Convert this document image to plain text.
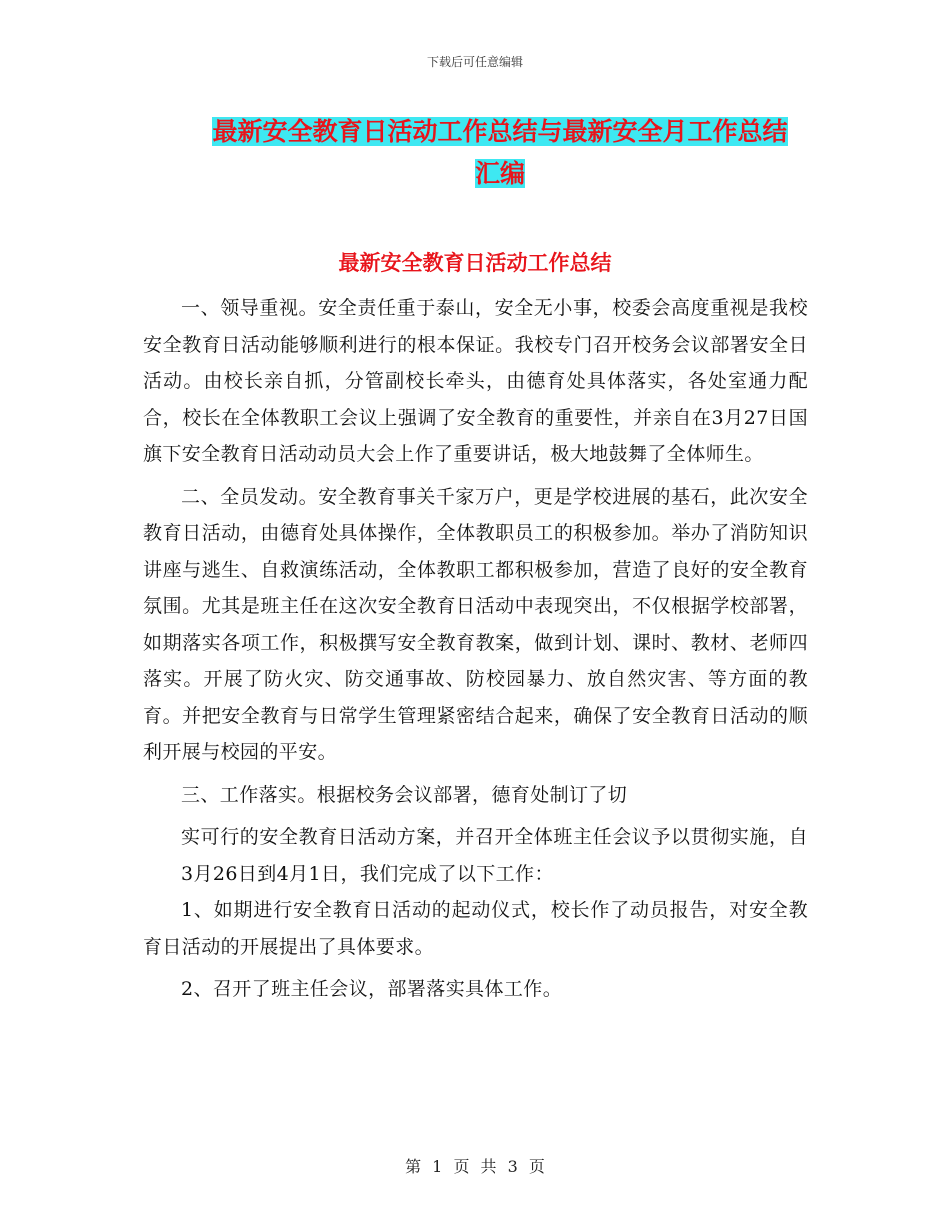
下载后可任意编辑
最新安全教育日活动工作总结与最新安全月工作总结
汇编
最新安全教育日活动工作总结

一、领导重视。安全责任重于泰山，安全无小事，校委会高度重视是我校安全教育日活动能够顺利进行的根本保证。我校专门召开校务会议部署安全日活动。由校长亲自抓，分管副校长牵头，由德育处具体落实，各处室通力配合，校长在全体教职工会议上强调了安全教育的重要性，并亲自在3月27日国旗下安全教育日活动动员大会上作了重要讲话，极大地鼓舞了全体师生。

二、全员发动。安全教育事关千家万户，更是学校进展的基石，此次安全教育日活动，由德育处具体操作，全体教职员工的积极参加。举办了消防知识讲座与逃生、自救演练活动，全体教职工都积极参加，营造了良好的安全教育氛围。尤其是班主任在这次安全教育日活动中表现突出，不仅根据学校部署，如期落实各项工作，积极撰写安全教育教案，做到计划、课时、教材、老师四落实。开展了防火灾、防交通事故、防校园暴力、放自然灾害、等方面的教育。并把安全教育与日常学生管理紧密结合起来，确保了安全教育日活动的顺利开展与校园的平安。

三、工作落实。根据校务会议部署，德育处制订了切

实可行的安全教育日活动方案，并召开全体班主任会议予以贯彻实施，自3月26日到4月1日，我们完成了以下工作：

1、如期进行安全教育日活动的起动仪式，校长作了动员报告，对安全教育日活动的开展提出了具体要求。

2、召开了班主任会议，部署落实具体工作。

第 1 页 共 3 页
